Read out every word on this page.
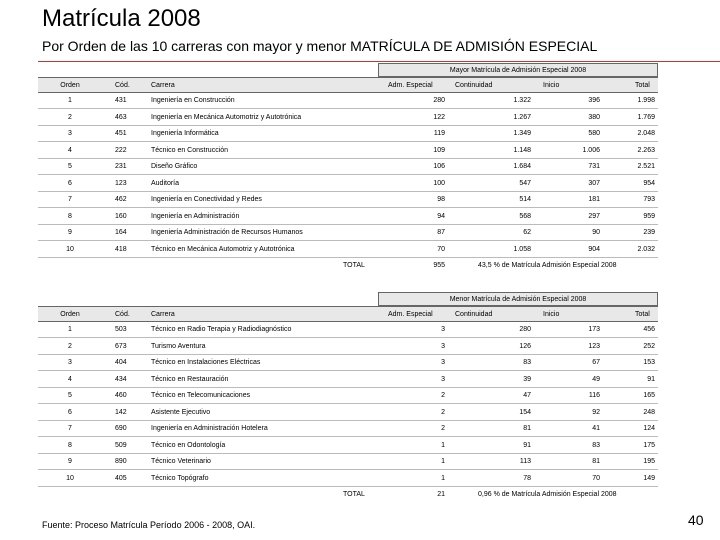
Matrícula 2008
Por Orden de las 10 carreras con mayor y menor MATRÍCULA DE ADMISIÓN ESPECIAL
Mayor Matrícula de Admisión Especial 2008
Orden	Cód.	Carrera	Adm. Especial	Continuidad	Inicio	Total
1	431	Ingeniería en Construcción	280	1.322	396	1.998
2	463	Ingeniería en Mecánica Automotriz y Autotrónica	122	1.267	380	1.769
3	451	Ingeniería Informática	119	1.349	580	2.048
4	222	Técnico en Construcción	109	1.148	1.006	2.263
5	231	Diseño Gráfico	106	1.684	731	2.521
6	123	Auditoría	100	547	307	954
7	462	Ingeniería en Conectividad y Redes	98	514	181	793
8	160	Ingeniería en Administración	94	568	297	959
9	164	Ingeniería Administración de Recursos Humanos	87	62	90	239
10	418	Técnico en Mecánica Automotriz y Autotrónica	70	1.058	904	2.032
TOTAL	955	43,5 % de Matrícula Admisión Especial 2008
Menor Matrícula de Admisión Especial 2008
Orden	Cód.	Carrera	Adm. Especial	Continuidad	Inicio	Total
1	503	Técnico en Radio Terapia y Radiodiagnóstico	3	280	173	456
2	673	Turismo Aventura	3	126	123	252
3	404	Técnico en Instalaciones Eléctricas	3	83	67	153
4	434	Técnico en Restauración	3	39	49	91
5	460	Técnico en Telecomunicaciones	2	47	116	165
6	142	Asistente Ejecutivo	2	154	92	248
7	690	Ingeniería en Administración Hotelera	2	81	41	124
8	509	Técnico en Odontología	1	91	83	175
9	890	Técnico Veterinario	1	113	81	195
10	405	Técnico Topógrafo	1	78	70	149
TOTAL	21	0,96 % de Matrícula Admisión Especial 2008
Fuente: Proceso Matrícula Período 2006 - 2008, OAI.	40
